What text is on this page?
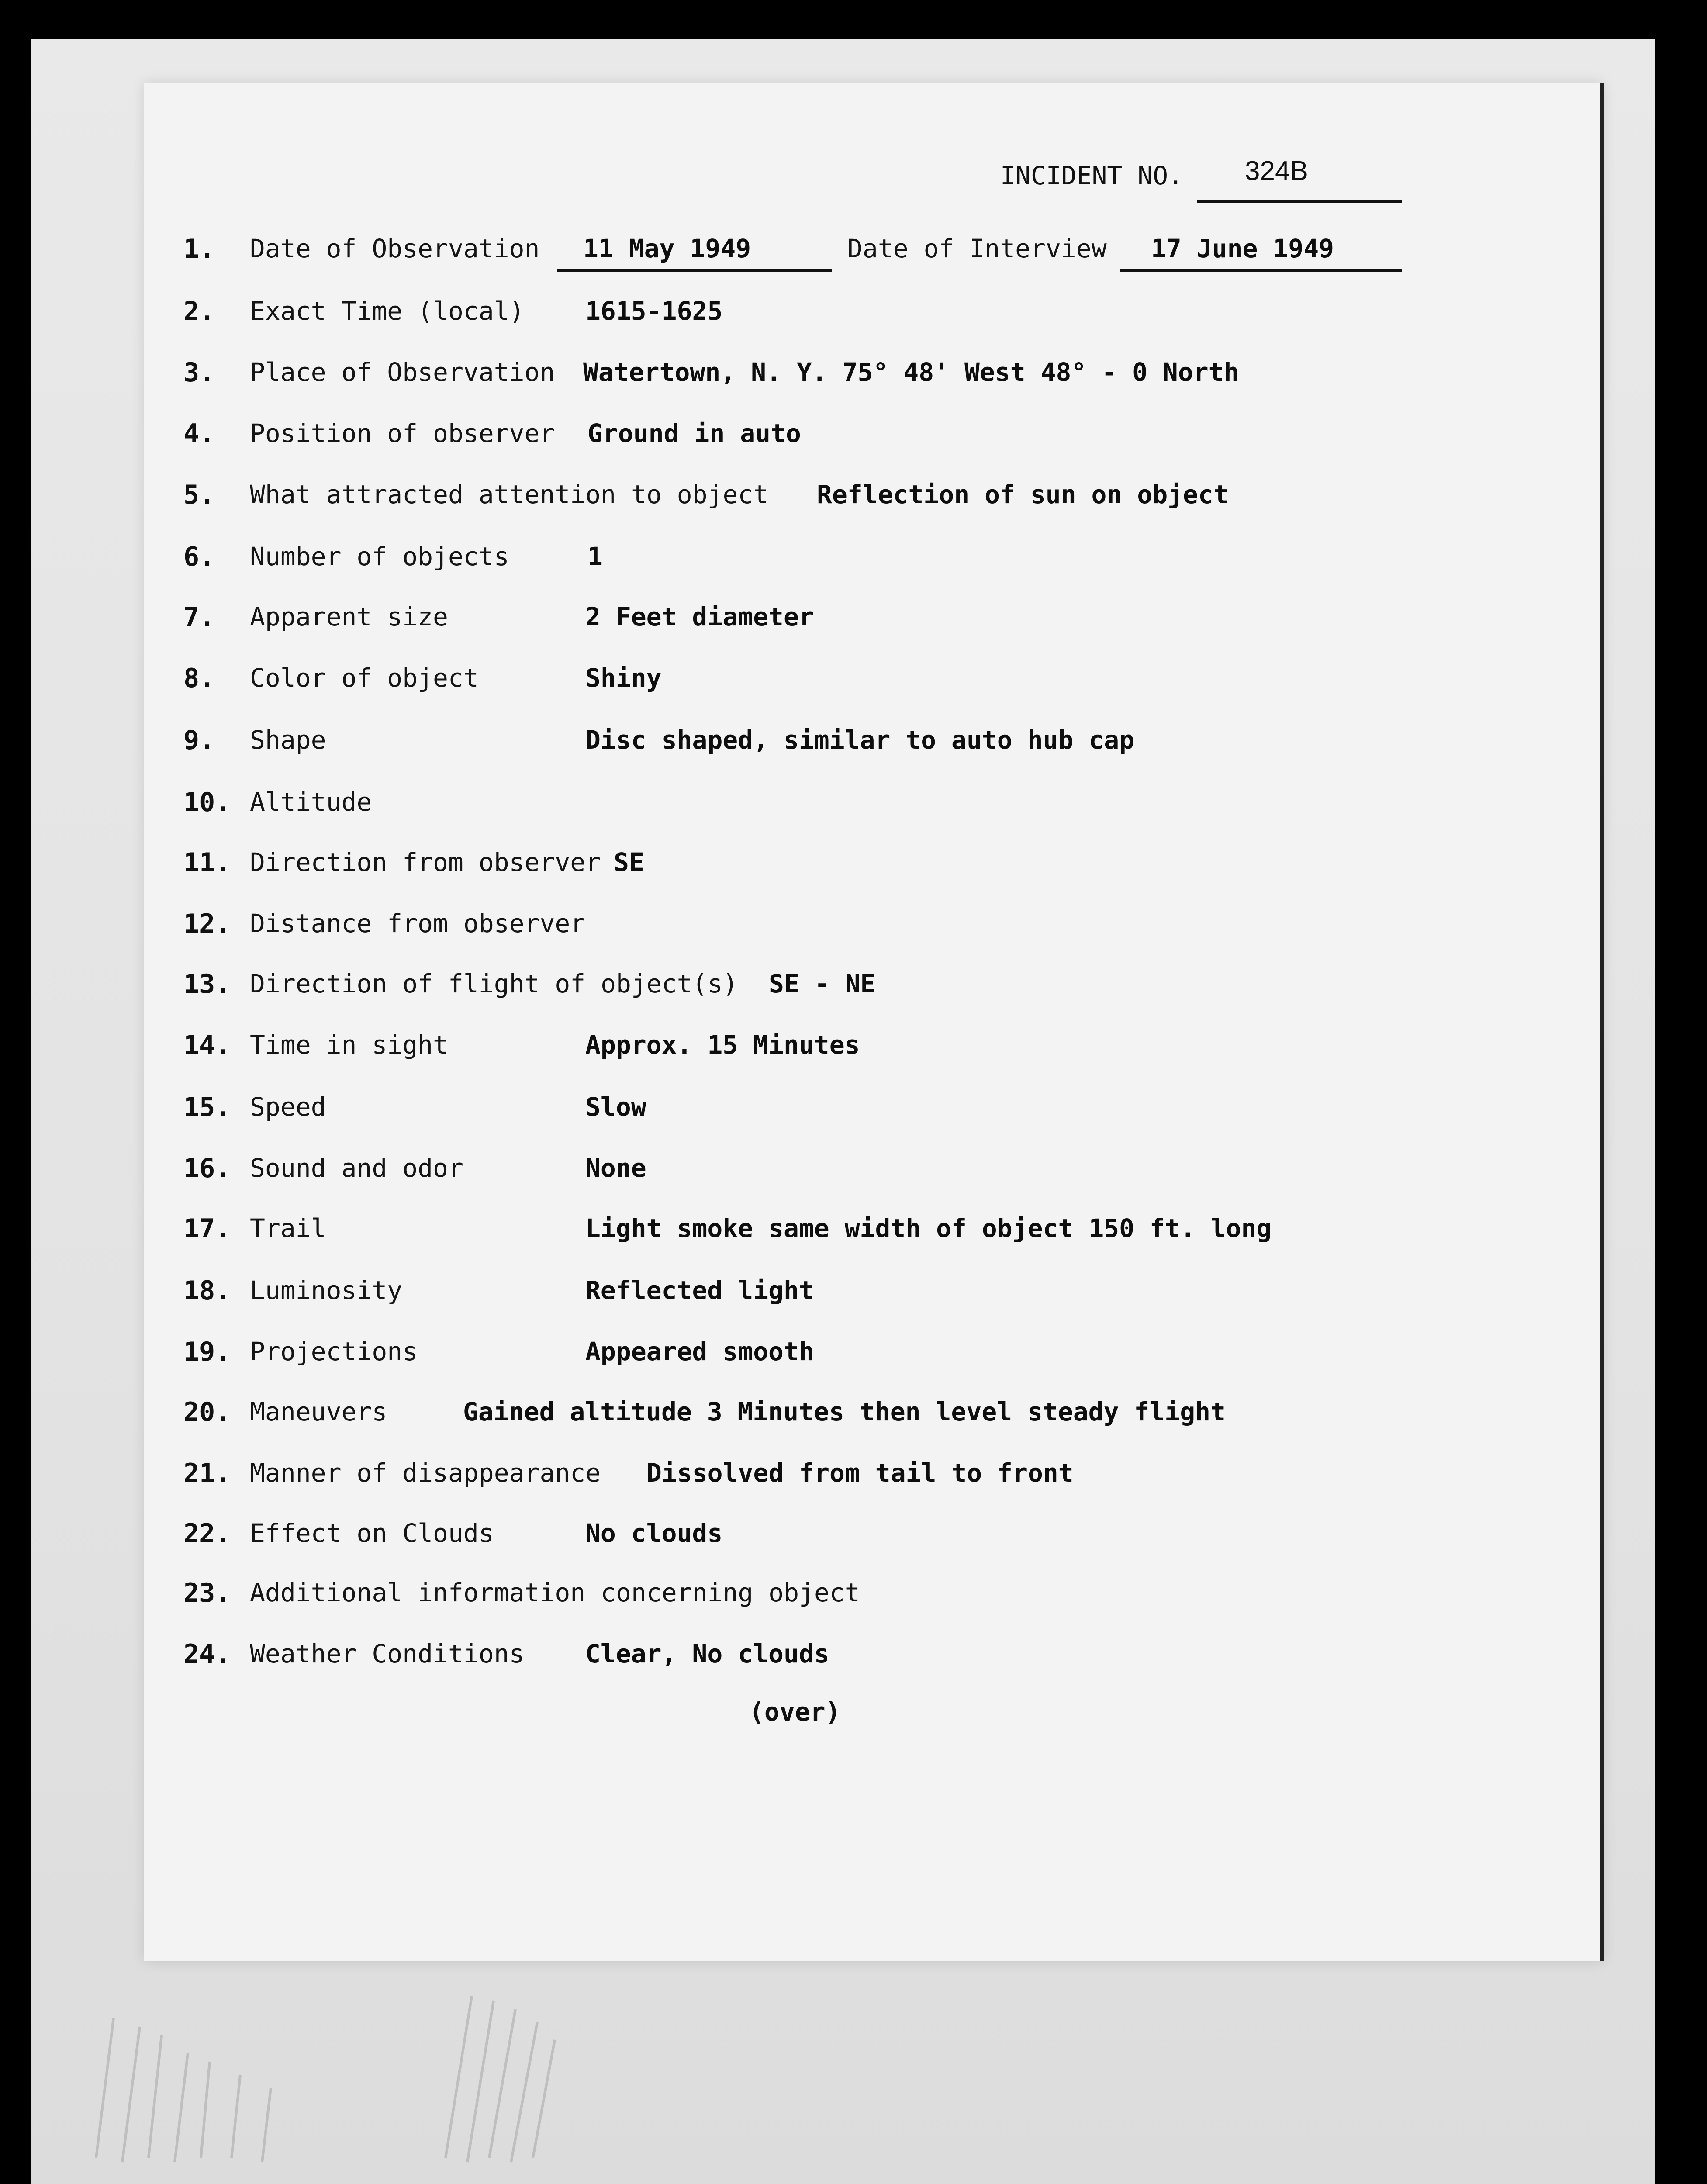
INCIDENT NO. 324B
1. Date of Observation	11 May 1949	Date of Interview	17 June 1949
2. Exact Time (local) 1615-1625
3. Place of Observation Watertown, N. Y. 75° 48' West 48° - 0 North
4. Position of observer Ground in auto
5. What attracted attention to object Reflection of sun on object
6. Number of objects	1
7. Apparent size	2 Feet diameter
8. Color of object	Shiny
9. Shape	Disc shaped, similar to auto hub cap
10. Altitude
11. Direction from observer SE
12. Distance from observer
13. Direction of flight of object(s) SE - NE
14. Time in sight	Approx. 15 Minutes
15. Speed	Slow
16. Sound and odor	None
17. Trail	Light smoke same width of object 150 ft. long
18. Luminosity	Reflected light
19. Projections	Appeared smooth
20. Maneuvers	Gained altitude 3 Minutes then level steady flight
21. Manner of disappearance Dissolved from tail to front
22. Effect on Clouds	No clouds
23. Additional information concerning object
24. Weather Conditions Clear, No clouds
(over)
